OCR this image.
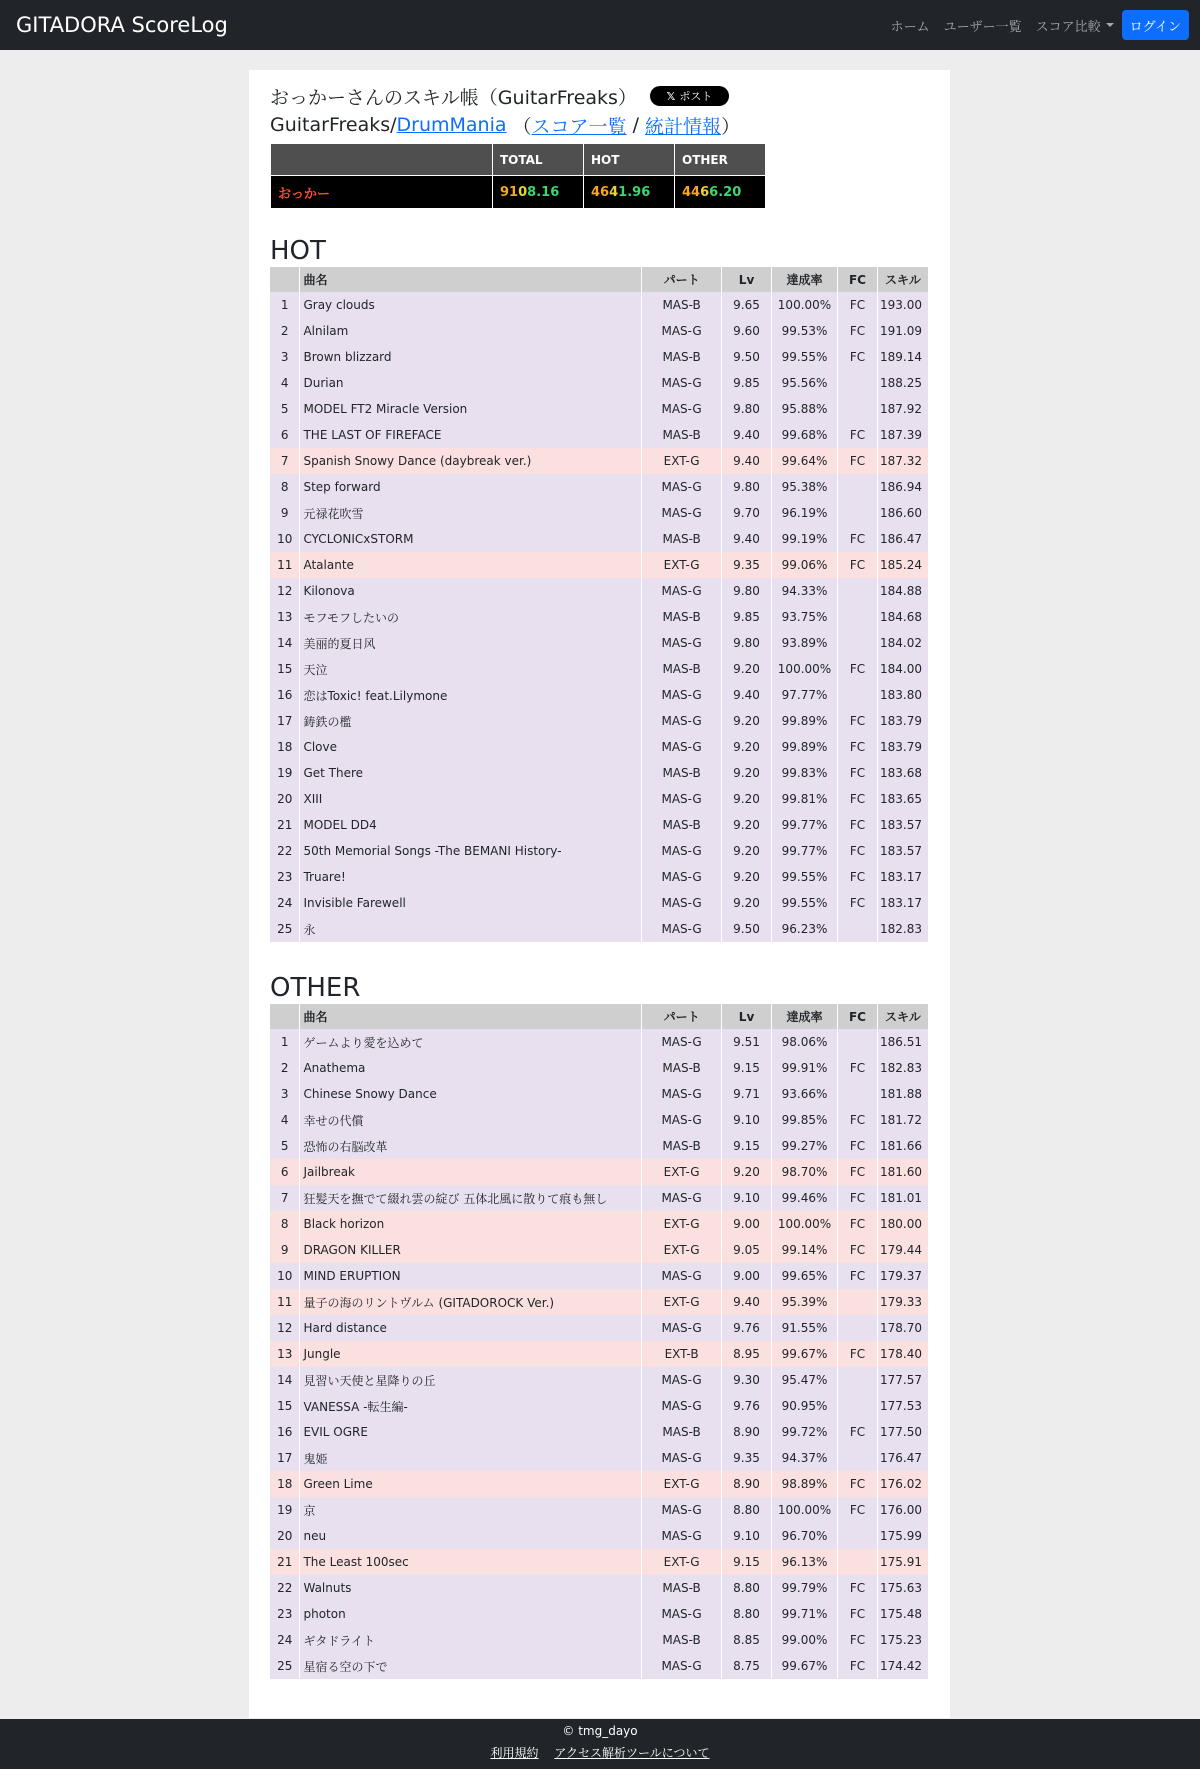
GITADORA ScoreLog	ホーム ユーザー一覧 スコア比較	ログイン
おっかーさんのスキル帳（GuitarFreaks）	𝕏 ポスト
GuitarFreaks/ DrumMania （ スコア一覧 / 統計情報 ）
	TOTAL	HOT	OTHER
おっかー	9108.16	4641.96	4466.20
HOT
	曲名	パート	Lv	達成率	FC	スキル
1	Gray clouds	MAS-B	9.65	100.00%	FC	193.00
2	Alnilam	MAS-G	9.60	99.53%	FC	191.09
3	Brown blizzard	MAS-B	9.50	99.55%	FC	189.14
4	Durian	MAS-G	9.85	95.56%		188.25
5	MODEL FT2 Miracle Version	MAS-G	9.80	95.88%		187.92
6	THE LAST OF FIREFACE	MAS-B	9.40	99.68%	FC	187.39
7	Spanish Snowy Dance (daybreak ver.)	EXT-G	9.40	99.64%	FC	187.32
8	Step forward	MAS-G	9.80	95.38%		186.94
9	元禄花吹雪	MAS-G	9.70	96.19%		186.60
10	CYCLONICxSTORM	MAS-B	9.40	99.19%	FC	186.47
11	Atalante	EXT-G	9.35	99.06%	FC	185.24
12	Kilonova	MAS-G	9.80	94.33%		184.88
13	モフモフしたいの	MAS-B	9.85	93.75%		184.68
14	美丽的夏日风	MAS-G	9.80	93.89%		184.02
15	天泣	MAS-B	9.20	100.00%	FC	184.00
16	恋はToxic! feat.Lilymone	MAS-G	9.40	97.77%		183.80
17	鋳鉄の檻	MAS-G	9.20	99.89%	FC	183.79
18	Clove	MAS-G	9.20	99.89%	FC	183.79
19	Get There	MAS-B	9.20	99.83%	FC	183.68
20	XIII	MAS-G	9.20	99.81%	FC	183.65
21	MODEL DD4	MAS-B	9.20	99.77%	FC	183.57
22	50th Memorial Songs -The BEMANI History-	MAS-G	9.20	99.77%	FC	183.57
23	Truare!	MAS-G	9.20	99.55%	FC	183.17
24	Invisible Farewell	MAS-G	9.20	99.55%	FC	183.17
25	永	MAS-G	9.50	96.23%		182.83
OTHER
	曲名	パート	Lv	達成率	FC	スキル
1	ゲームより愛を込めて	MAS-G	9.51	98.06%		186.51
2	Anathema	MAS-B	9.15	99.91%	FC	182.83
3	Chinese Snowy Dance	MAS-G	9.71	93.66%		181.88
4	幸せの代償	MAS-G	9.10	99.85%	FC	181.72
5	恐怖の右脳改革	MAS-B	9.15	99.27%	FC	181.66
6	Jailbreak	EXT-G	9.20	98.70%	FC	181.60
7	狂髪天を撫でて綴れ雲の綻び 五体北風に散りて痕も無し	MAS-G	9.10	99.46%	FC	181.01
8	Black horizon	EXT-G	9.00	100.00%	FC	180.00
9	DRAGON KILLER	EXT-G	9.05	99.14%	FC	179.44
10	MIND ERUPTION	MAS-G	9.00	99.65%	FC	179.37
11	量子の海のリントヴルム (GITADOROCK Ver.)	EXT-G	9.40	95.39%		179.33
12	Hard distance	MAS-G	9.76	91.55%		178.70
13	Jungle	EXT-B	8.95	99.67%	FC	178.40
14	見習い天使と星降りの丘	MAS-G	9.30	95.47%		177.57
15	VANESSA -転生編-	MAS-G	9.76	90.95%		177.53
16	EVIL OGRE	MAS-B	8.90	99.72%	FC	177.50
17	鬼姫	MAS-G	9.35	94.37%		176.47
18	Green Lime	EXT-G	8.90	98.89%	FC	176.02
19	京	MAS-G	8.80	100.00%	FC	176.00
20	neu	MAS-G	9.10	96.70%		175.99
21	The Least 100sec	EXT-G	9.15	96.13%		175.91
22	Walnuts	MAS-B	8.80	99.79%	FC	175.63
23	photon	MAS-G	8.80	99.71%	FC	175.48
24	ギタドライト	MAS-B	8.85	99.00%	FC	175.23
25	星宿る空の下で	MAS-G	8.75	99.67%	FC	174.42
© tmg_dayo
利用規約 アクセス解析ツールについて
